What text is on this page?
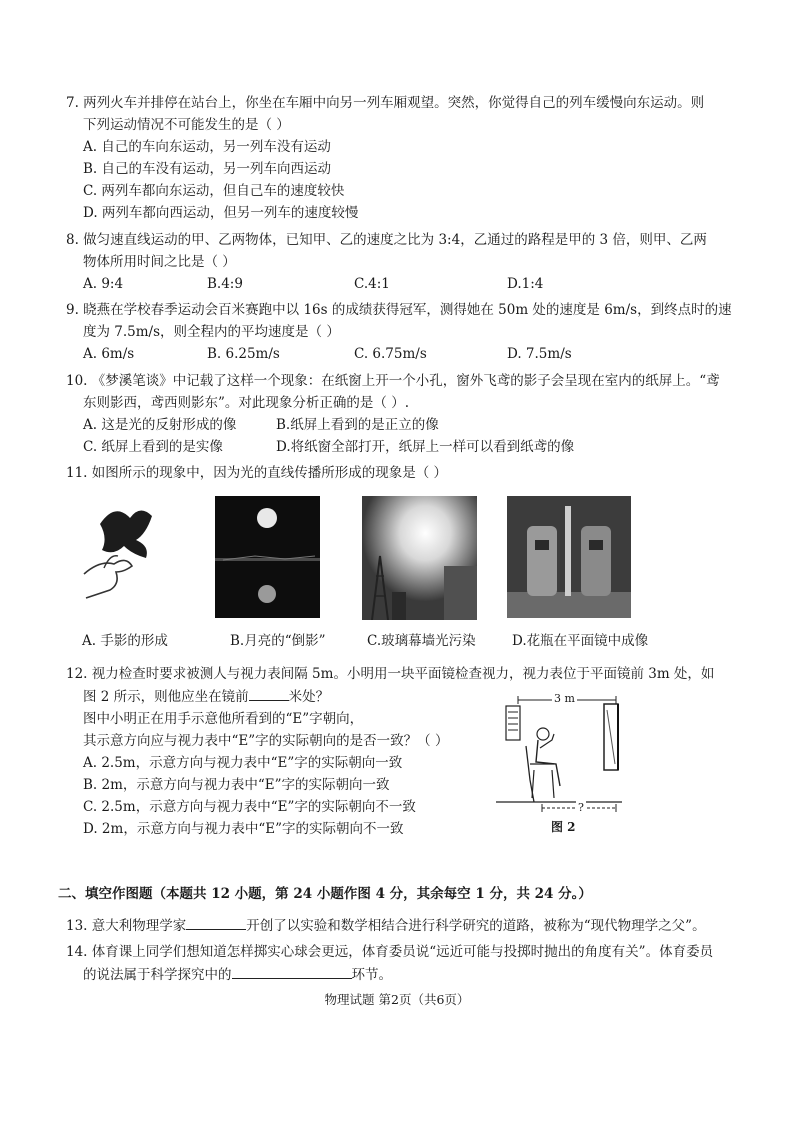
7. 两列火车并排停在站台上，你坐在车厢中向另一列车厢观望。突然，你觉得自己的列车缓慢向东运动。则

下列运动情况不可能发生的是（ ）

A. 自己的车向东运动，另一列车没有运动

B. 自己的车没有运动，另一列车向西运动

C. 两列车都向东运动，但自己车的速度较快

D. 两列车都向西运动，但另一列车的速度较慢

8. 做匀速直线运动的甲、乙两物体，已知甲、乙的速度之比为 3:4，乙通过的路程是甲的 3 倍，则甲、乙两

物体所用时间之比是（ ）

A. 9:4	B.4:9	C.4:1	D.1:4

9. 晓燕在学校春季运动会百米赛跑中以 16s 的成绩获得冠军，测得她在 50m 处的速度是 6m/s，到终点时的速

度为 7.5m/s，则全程内的平均速度是（ ）

A. 6m/s	B. 6.25m/s	C. 6.75m/s	D. 7.5m/s

10. 《梦溪笔谈》中记载了这样一个现象：在纸窗上开一个小孔，窗外飞鸢的影子会呈现在室内的纸屏上。“鸢

东则影西，鸢西则影东”。对此现象分析正确的是（ ）.

A. 这是光的反射形成的像	B.纸屏上看到的是正立的像
C. 纸屏上看到的是实像	D.将纸窗全部打开，纸屏上一样可以看到纸鸢的像

11. 如图所示的现象中，因为光的直线传播所形成的现象是（ ）

A. 手影的形成	B.月亮的“倒影”	C.玻璃幕墙光污染	D.花瓶在平面镜中成像

12. 视力检查时要求被测人与视力表间隔 5m。小明用一块平面镜检查视力，视力表位于平面镜前 3m 处，如

图 2 所示，则他应坐在镜前	米处？

图中小明正在用手示意他所看到的“E”字朝向，

其示意方向应与视力表中“E”字的实际朝向的是否一致？（ ）

A. 2.5m，示意方向与视力表中“E”字的实际朝向一致

B. 2m，示意方向与视力表中“E”字的实际朝向一致

C. 2.5m，示意方向与视力表中“E”字的实际朝向不一致

D. 2m，示意方向与视力表中“E”字的实际朝向不一致

3 m
?
图 2
二、填空作图题（本题共 12 小题，第 24 小题作图 4 分，其余每空 1 分，共 24 分。）

13. 意大利物理学家	开创了以实验和数学相结合进行科学研究的道路，被称为“现代物理学之父”。

14. 体育课上同学们想知道怎样掷实心球会更远，体育委员说“远近可能与投掷时抛出的角度有关”。体育委员

的说法属于科学探究中的	环节。

物理试题 第2页（共6页）
